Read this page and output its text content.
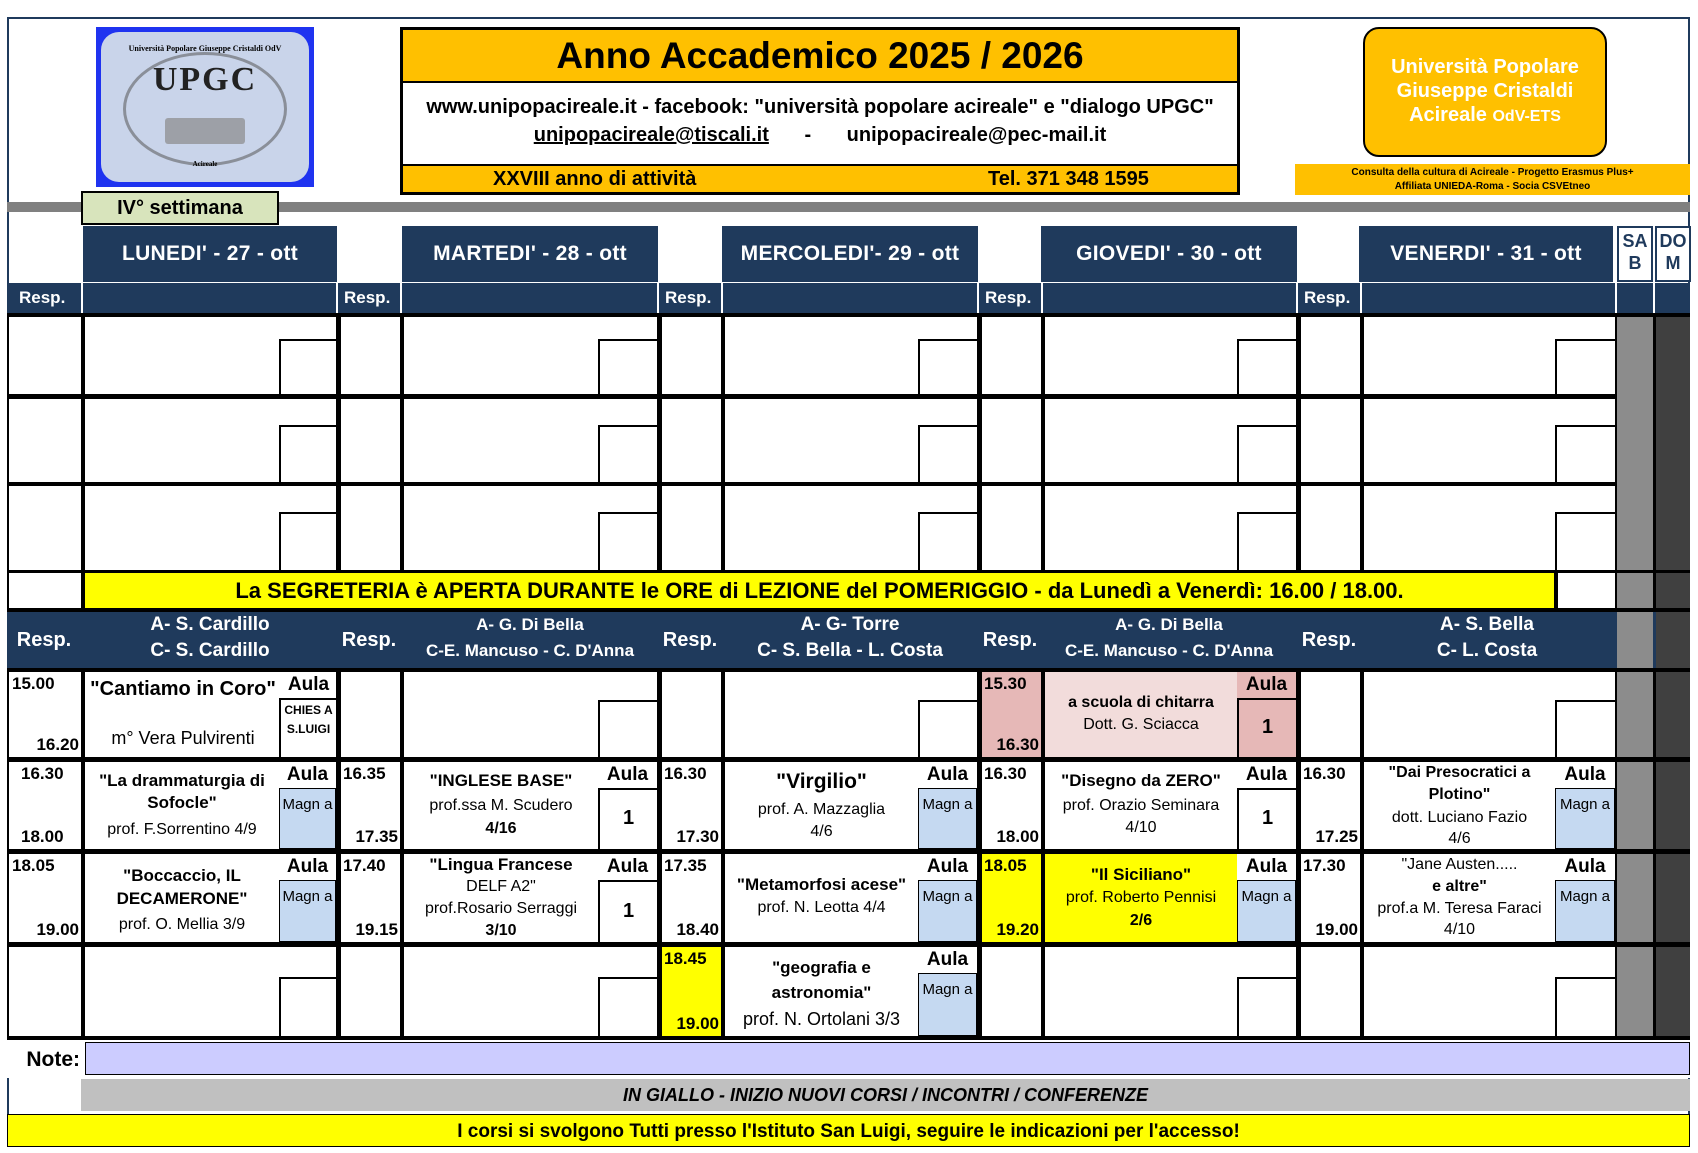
Università Popolare Giuseppe Cristaldi OdV
UPGC
Acireale
Anno Accademico 2025 / 2026
www.unipopacireale.it - facebook: "università popolare acireale" e "dialogo UPGC"
unipopacireale@tiscali.it - unipopacireale@pec-mail.it
XXVIII anno di attività	Tel. 371 348 1595
Università Popolare
Giuseppe Cristaldi
Acireale OdV-ETS
Consulta della cultura di Acireale - Progetto Erasmus Plus+
Affiliata UNIEDA-Roma - Socia CSVEtneo
IV° settimana
LUNEDI' - 27 - ott	MARTEDI' - 28 - ott	MERCOLEDI'- 29 - ott	GIOVEDI' - 30 - ott	VENERDI' - 31 - ott
SA B
DO M
Resp.	Resp.	Resp.	Resp.	Resp.
La SEGRETERIA è APERTA DURANTE le ORE di LEZIONE del POMERIGGIO - da Lunedì a Venerdì: 16.00 / 18.00.
Resp.
A- S. Cardillo
C- S. Cardillo	Resp.
A- G. Di Bella
C-E. Mancuso - C. D'Anna	Resp.
A- G- Torre
C- S. Bella - L. Costa	Resp.
A- G. Di Bella
C-E. Mancuso - C. D'Anna	Resp.
A- S. Bella
C- L. Costa
15.00
16.20
"Cantiamo in Coro"
m° Vera Pulvirenti
Aula
CHIES A S.LUIGI
15.30
16.30
a scuola di chitarra
Dott. G. Sciacca
Aula
1
16.30
18.00
"La drammaturgia di Sofocle"
prof. F.Sorrentino 4/9
Aula
Magn a
16.35
17.35
"INGLESE BASE"
prof.ssa M. Scudero
4/16
Aula
1
16.30
17.30
"Virgilio"
prof. A. Mazzaglia
4/6
Aula
Magn a
16.30
18.00
"Disegno da ZERO"
prof. Orazio Seminara
4/10
Aula
1
16.30
17.25
"Dai Presocratici a Plotino"
dott. Luciano Fazio
4/6
Aula
Magn a
18.05
19.00
"Boccaccio, IL DECAMERONE"
prof. O. Mellia 3/9
Aula
Magn a
17.40
19.15
"Lingua Francese
DELF A2"
prof.Rosario Serraggi
3/10
Aula
1
17.35
18.40
"Metamorfosi acese"
prof. N. Leotta 4/4
Aula
Magn a
18.05
19.20
"Il Siciliano"
prof. Roberto Pennisi
2/6
Aula
Magn a
17.30
19.00
"Jane Austen.....
e altre"
prof.a M. Teresa Faraci
4/10
Aula
Magn a
18.45
19.00
"geografia e astronomia"
prof. N. Ortolani 3/3
Aula
Magn a
Note:
IN GIALLO - INIZIO NUOVI CORSI / INCONTRI / CONFERENZE
I corsi si svolgono Tutti presso l'Istituto San Luigi, seguire le indicazioni per l'accesso!
